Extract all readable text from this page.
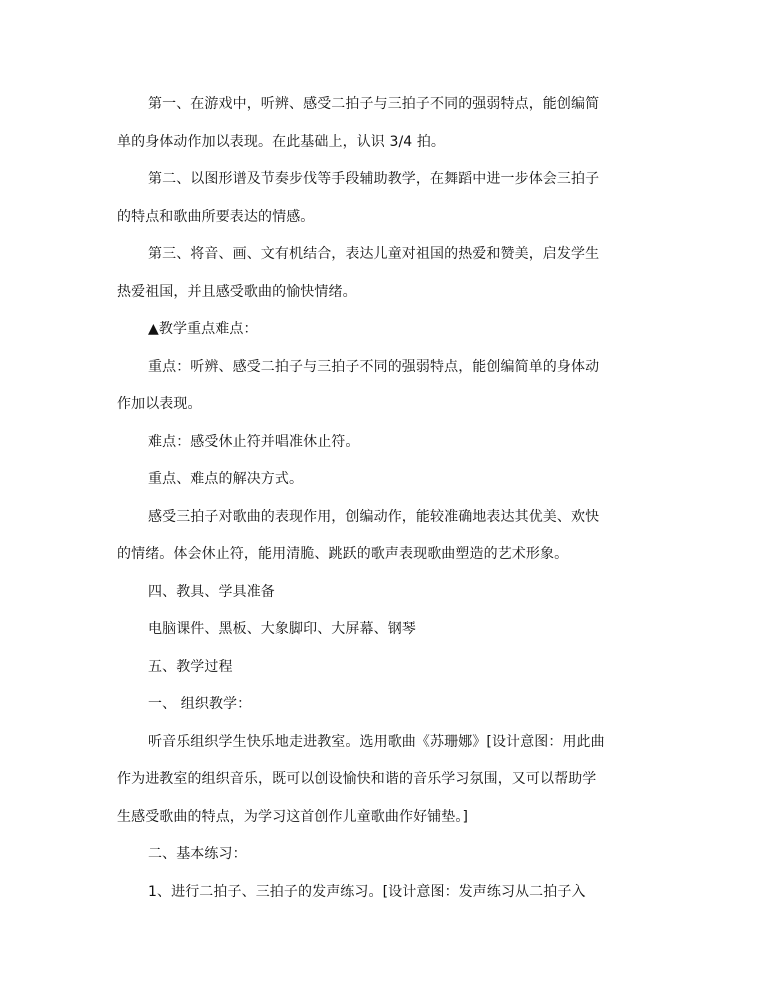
第一、在游戏中，听辨、感受二拍子与三拍子不同的强弱特点，能创编简
单的身体动作加以表现。在此基础上，认识 3/4 拍。
第二、以图形谱及节奏步伐等手段辅助教学，在舞蹈中进一步体会三拍子
的特点和歌曲所要表达的情感。
第三、将音、画、文有机结合，表达儿童对祖国的热爱和赞美，启发学生
热爱祖国，并且感受歌曲的愉快情绪。
▲教学重点难点：
重点：听辨、感受二拍子与三拍子不同的强弱特点，能创编简单的身体动
作加以表现。
难点：感受休止符并唱准休止符。
重点、难点的解决方式。
感受三拍子对歌曲的表现作用，创编动作，能较准确地表达其优美、欢快
的情绪。体会休止符，能用清脆、跳跃的歌声表现歌曲塑造的艺术形象。
四、教具、学具准备
电脑课件、黑板、大象脚印、大屏幕、钢琴
五、教学过程
一、 组织教学：
听音乐组织学生快乐地走进教室。选用歌曲《苏珊娜》[设计意图：用此曲
作为进教室的组织音乐，既可以创设愉快和谐的音乐学习氛围，又可以帮助学
生感受歌曲的特点，为学习这首创作儿童歌曲作好铺垫。]
二、基本练习：
1、进行二拍子、三拍子的发声练习。[设计意图：发声练习从二拍子入
